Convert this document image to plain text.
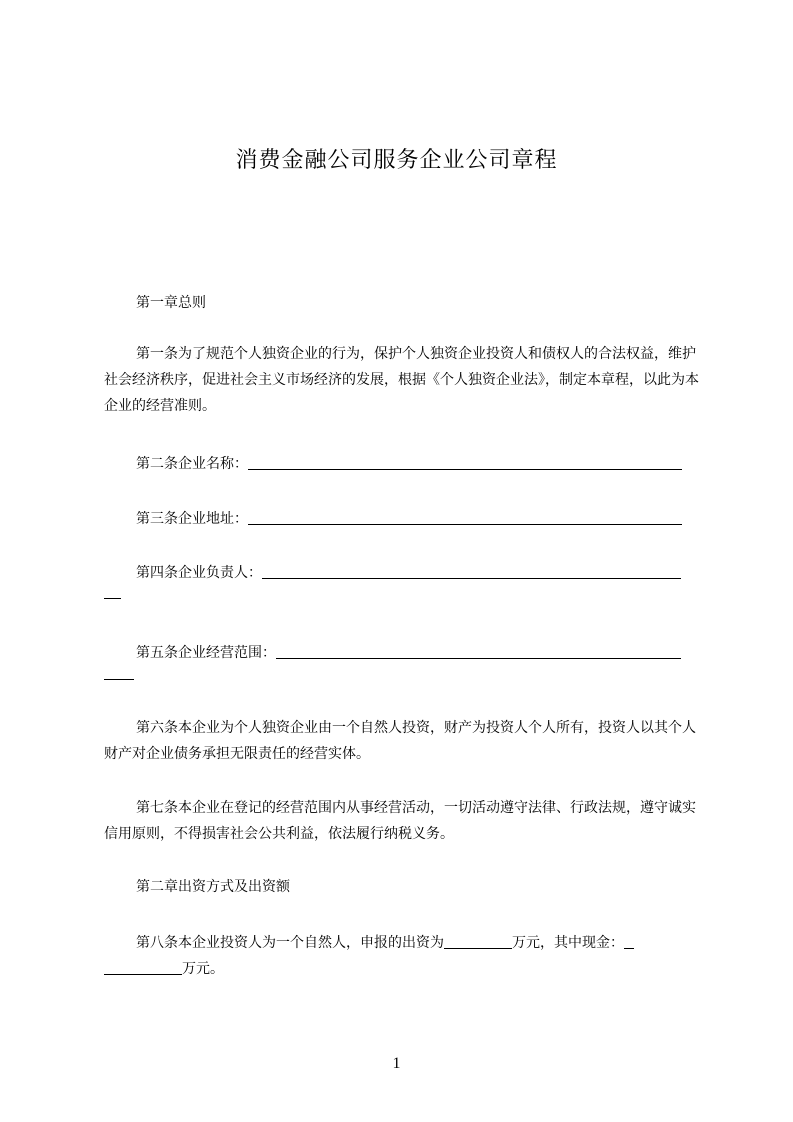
消费金融公司服务企业公司章程

第一章总则

第一条为了规范个人独资企业的行为，保护个人独资企业投资人和债权人的合法权益，维护社会经济秩序，促进社会主义市场经济的发展，根据《个人独资企业法》，制定本章程，以此为本企业的经营准则。

第二条企业名称：
第三条企业地址：
第四条企业负责人：
第五条企业经营范围：

第六条本企业为个人独资企业由一个自然人投资，财产为投资人个人所有，投资人以其个人财产对企业债务承担无限责任的经营实体。

第七条本企业在登记的经营范围内从事经营活动，一切活动遵守法律、行政法规，遵守诚实信用原则，不得损害社会公共利益，依法履行纳税义务。

第二章出资方式及出资额

第八条本企业投资人为一个自然人，申报的出资为	万元，其中现金：
万元。
1
